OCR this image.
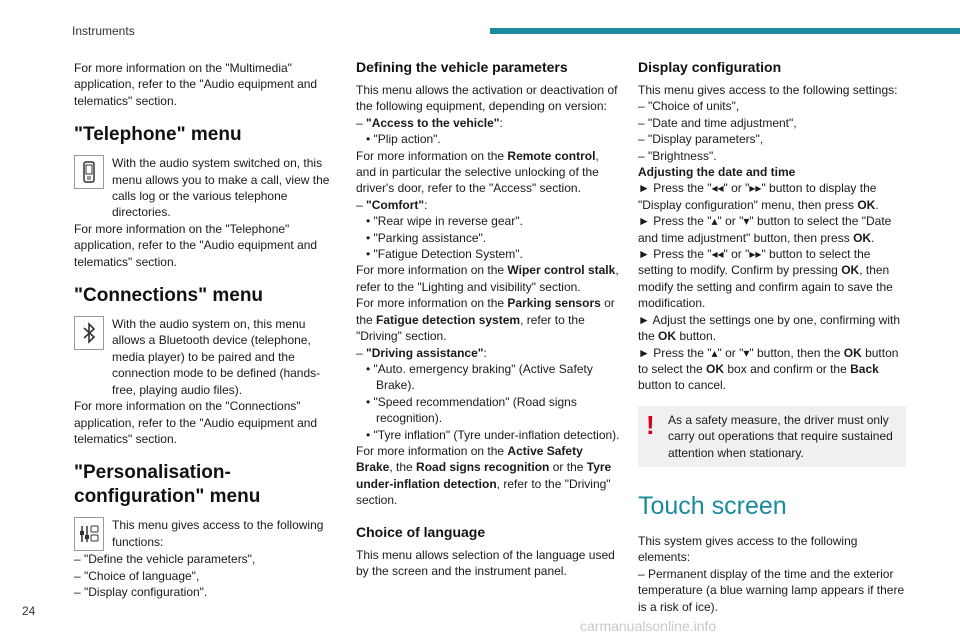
Instruments

For more information on the "Multimedia" application, refer to the "Audio equipment and telematics" section.

"Telephone" menu

With the audio system switched on, this menu allows you to make a call, view the calls log or the various telephone directories.

For more information on the "Telephone" application, refer to the "Audio equipment and telematics" section.

"Connections" menu

With the audio system on, this menu allows a Bluetooth device (telephone, media player) to be paired and the connection mode to be defined (hands-free, playing audio files).

For more information on the "Connections" application, refer to the "Audio equipment and telematics" section.

"Personalisation-configuration" menu

This menu gives access to the following functions:

– "Define the vehicle parameters",

– "Choice of language",

– "Display configuration".

Defining the vehicle parameters

This menu allows the activation or deactivation of the following equipment, depending on version:

– "Access to the vehicle":

• "Plip action".

For more information on the Remote control, and in particular the selective unlocking of the driver's door, refer to the "Access" section.

– "Comfort":

• "Rear wipe in reverse gear".

• "Parking assistance".

• "Fatigue Detection System".

For more information on the Wiper control stalk, refer to the "Lighting and visibility" section.

For more information on the Parking sensors or the Fatigue detection system, refer to the "Driving" section.

– "Driving assistance":

• "Auto. emergency braking" (Active Safety Brake).

• "Speed recommendation" (Road signs recognition).

• "Tyre inflation" (Tyre under-inflation detection).

For more information on the Active Safety Brake, the Road signs recognition or the Tyre under-inflation detection, refer to the "Driving" section.

Choice of language

This menu allows selection of the language used by the screen and the instrument panel.

Display configuration

This menu gives access to the following settings:

– "Choice of units",

– "Date and time adjustment",

– "Display parameters",

– "Brightness".

Adjusting the date and time

► Press the "◂◂" or "▸▸" button to display the "Display configuration" menu, then press OK.

► Press the "▴" or "▾" button to select the "Date and time adjustment" button, then press OK.

► Press the "◂◂" or "▸▸" button to select the setting to modify. Confirm by pressing OK, then modify the setting and confirm again to save the modification.

► Adjust the settings one by one, confirming with the OK button.

► Press the "▴" or "▾" button, then the OK button to select the OK box and confirm or the Back button to cancel.

!	As a safety measure, the driver must only carry out operations that require sustained attention when stationary.

Touch screen

This system gives access to the following elements:

– Permanent display of the time and the exterior temperature (a blue warning lamp appears if there is a risk of ice).

24
carmanualsonline.info
